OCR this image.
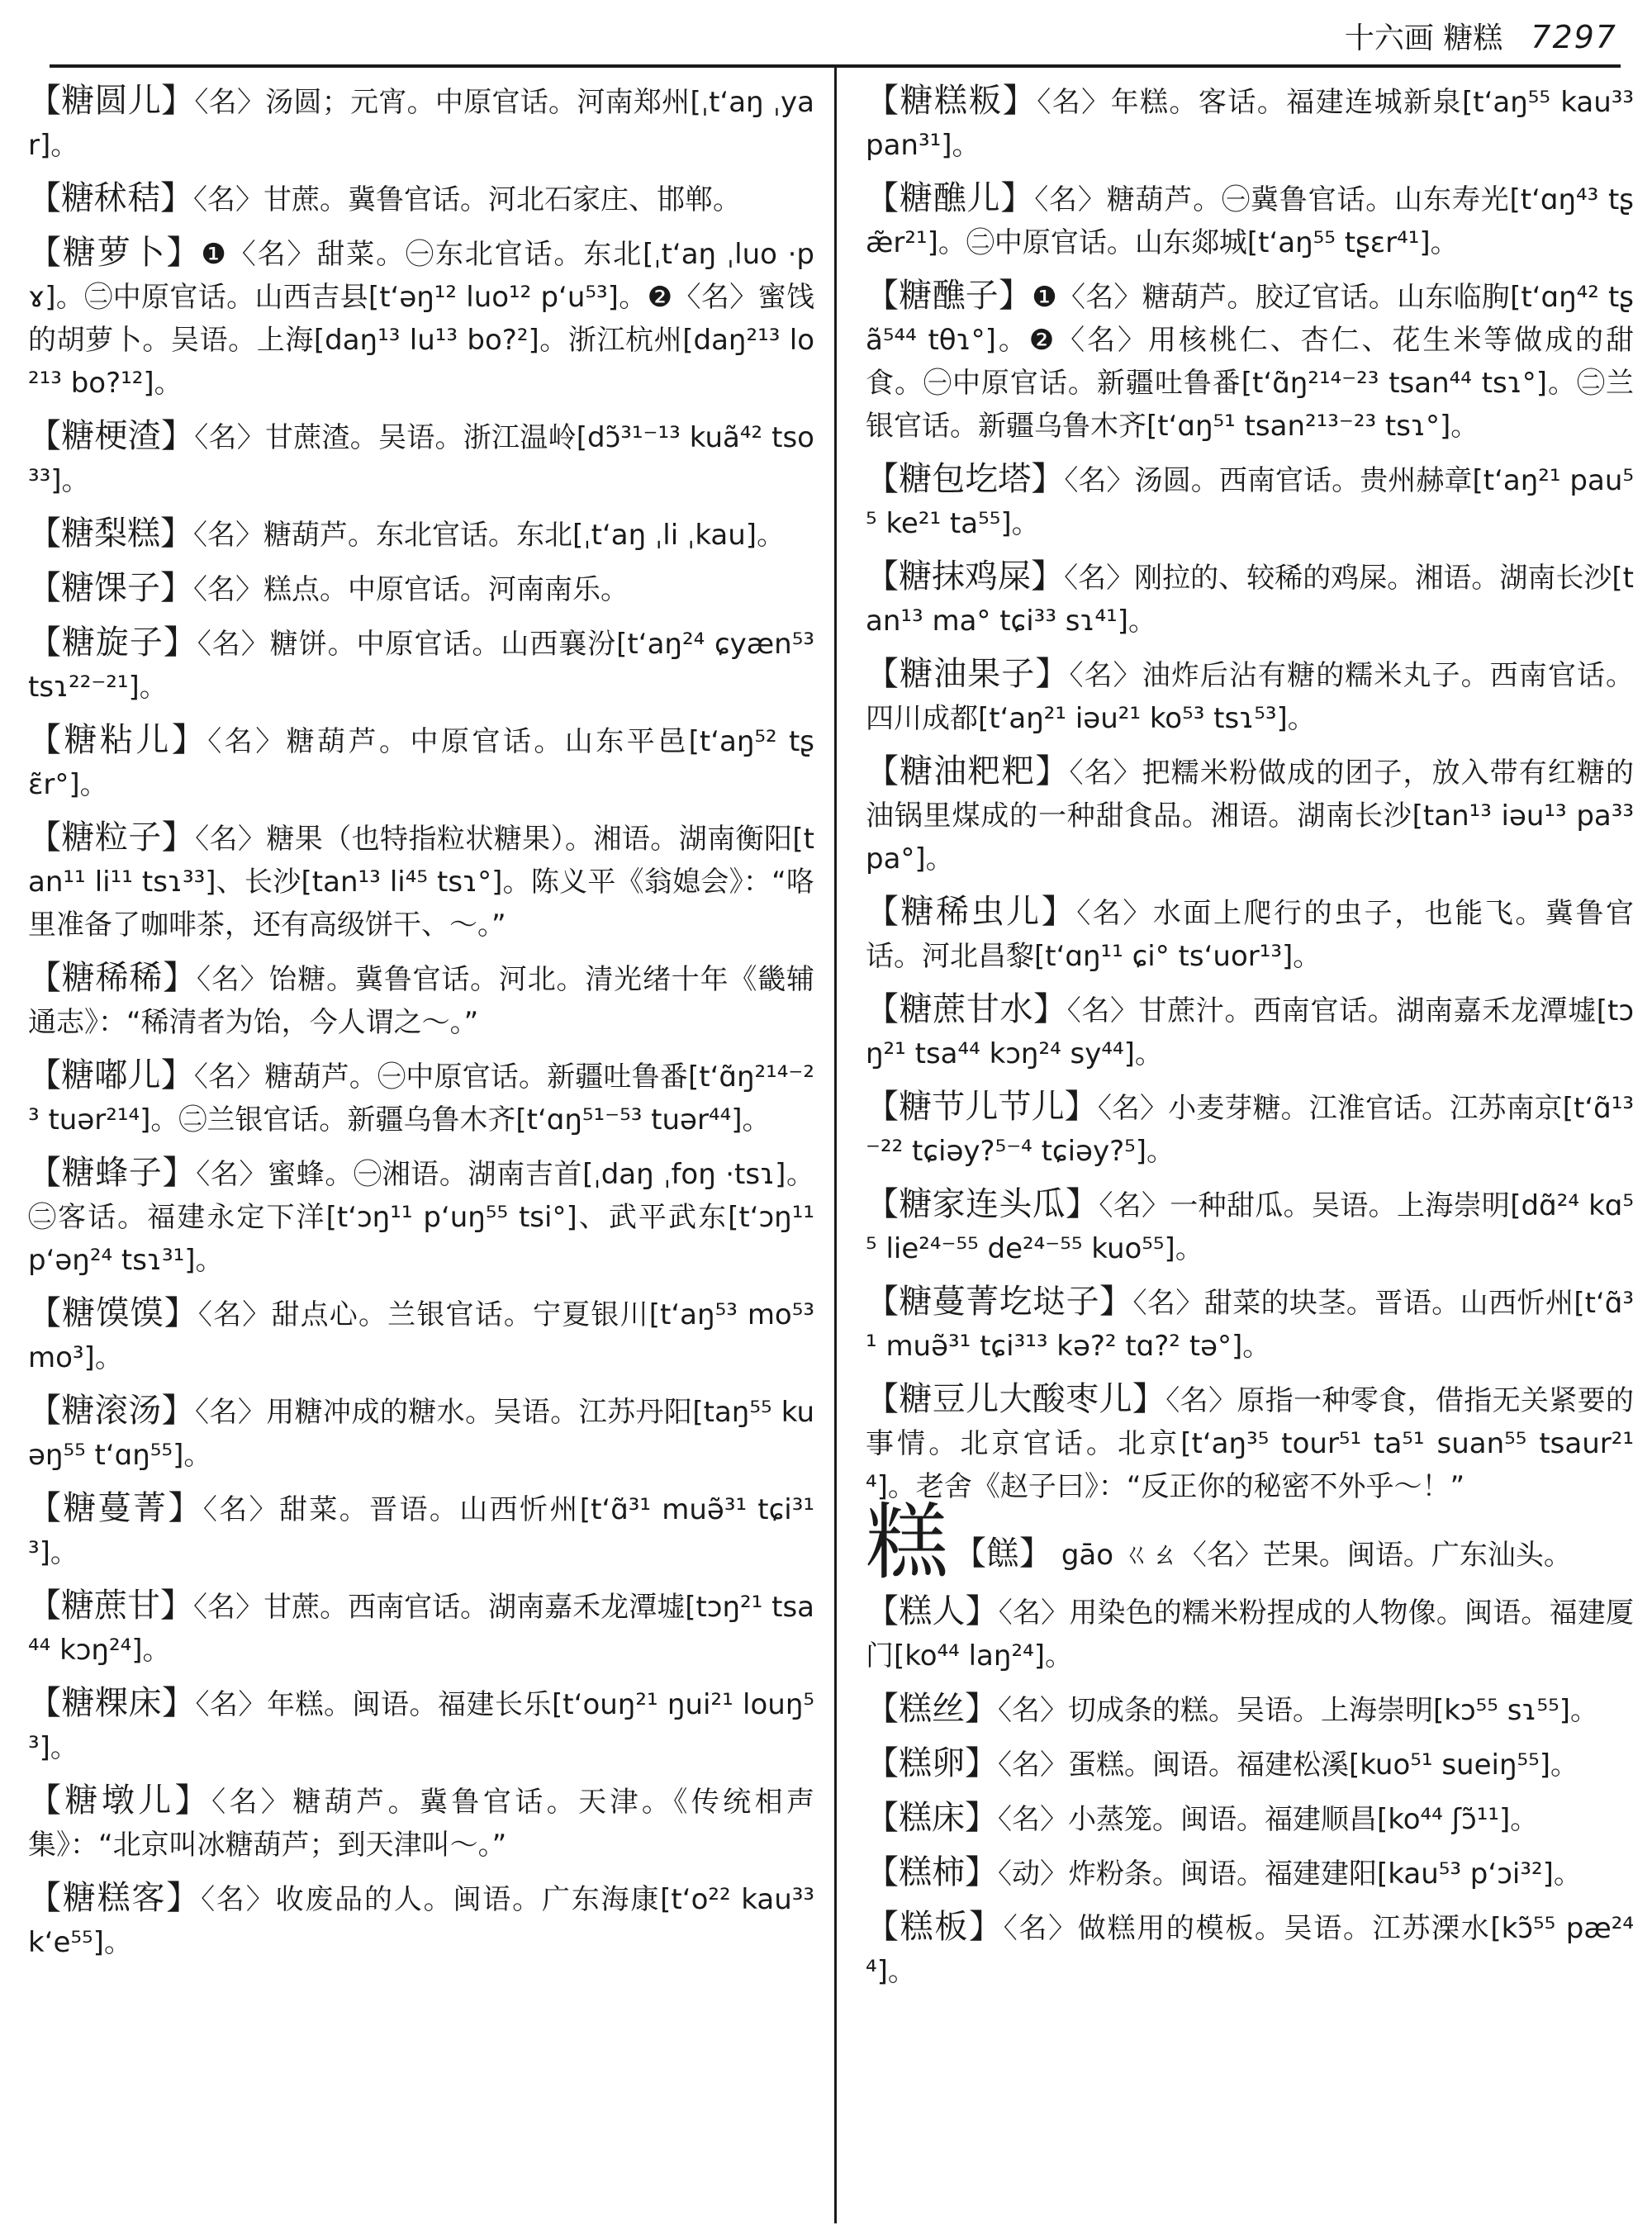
十六画 糖糕 7297
【糖圆儿】〈名〉汤圆；元宵。中原官话。河南郑州[ˌt‘aŋ ˌyar]。
【糖秫秸】〈名〉甘蔗。冀鲁官话。河北石家庄、邯郸。
【糖萝卜】❶〈名〉甜菜。㊀东北官话。东北[ˌt‘aŋ ˌluo ·pɤ]。㊁中原官话。山西吉县[t‘əŋ¹² luo¹² p‘u⁵³]。❷〈名〉蜜饯的胡萝卜。吴语。上海[daŋ¹³ lu¹³ bo?²]。浙江杭州[daŋ²¹³ lo²¹³ bo?¹²]。
【糖梗渣】〈名〉甘蔗渣。吴语。浙江温岭[dɔ̃³¹⁻¹³ kuã⁴² tso³³]。
【糖梨糕】〈名〉糖葫芦。东北官话。东北[ˌt‘aŋ ˌli ˌkau]。
【糖馃子】〈名〉糕点。中原官话。河南南乐。
【糖旋子】〈名〉糖饼。中原官话。山西襄汾[t‘aŋ²⁴ ɕyæn⁵³ tsɿ²²⁻²¹]。
【糖粘儿】〈名〉糖葫芦。中原官话。山东平邑[t‘aŋ⁵² tʂɛ̃r°]。
【糖粒子】〈名〉糖果（也特指粒状糖果）。湘语。湖南衡阳[tan¹¹ li¹¹ tsɿ³³]、长沙[tan¹³ li⁴⁵ tsɿ°]。陈义平《翁媳会》：“咯里准备了咖啡茶，还有高级饼干、～。”
【糖稀稀】〈名〉饴糖。冀鲁官话。河北。清光绪十年《畿辅通志》：“稀清者为饴，今人谓之～。”
【糖嘟儿】〈名〉糖葫芦。㊀中原官话。新疆吐鲁番[t‘ɑ̃ŋ²¹⁴⁻²³ tuər²¹⁴]。㊁兰银官话。新疆乌鲁木齐[t‘ɑŋ⁵¹⁻⁵³ tuər⁴⁴]。
【糖蜂子】〈名〉蜜蜂。㊀湘语。湖南吉首[ˌdaŋ ˌfoŋ ·tsɿ]。㊁客话。福建永定下洋[t‘ɔŋ¹¹ p‘uŋ⁵⁵ tsi°]、武平武东[t‘ɔŋ¹¹ p‘əŋ²⁴ tsɿ³¹]。
【糖馍馍】〈名〉甜点心。兰银官话。宁夏银川[t‘aŋ⁵³ mo⁵³ mo³]。
【糖滚汤】〈名〉用糖冲成的糖水。吴语。江苏丹阳[taŋ⁵⁵ kuəŋ⁵⁵ t‘ɑŋ⁵⁵]。
【糖蔓菁】〈名〉甜菜。晋语。山西忻州[t‘ɑ̃³¹ muə̃³¹ tɕi³¹³]。
【糖蔗甘】〈名〉甘蔗。西南官话。湖南嘉禾龙潭墟[tɔŋ²¹ tsa⁴⁴ kɔŋ²⁴]。
【糖粿床】〈名〉年糕。闽语。福建长乐[t‘ouŋ²¹ ŋui²¹ louŋ⁵³]。
【糖墩儿】〈名〉糖葫芦。冀鲁官话。天津。《传统相声集》：“北京叫冰糖葫芦；到天津叫～。”
【糖糕客】〈名〉收废品的人。闽语。广东海康[t‘o²² kau³³ k‘e⁵⁵]。
【糖糕粄】〈名〉年糕。客话。福建连城新泉[t‘aŋ⁵⁵ kau³³ pan³¹]。
【糖醮儿】〈名〉糖葫芦。㊀冀鲁官话。山东寿光[t‘ɑŋ⁴³ tʂæ̃r²¹]。㊁中原官话。山东郯城[t‘aŋ⁵⁵ tʂɛr⁴¹]。
【糖醮子】❶〈名〉糖葫芦。胶辽官话。山东临朐[t‘ɑŋ⁴² tʂã⁵⁴⁴ tθɿ°]。❷〈名〉用核桃仁、杏仁、花生米等做成的甜食。㊀中原官话。新疆吐鲁番[t‘ɑ̃ŋ²¹⁴⁻²³ tsan⁴⁴ tsɿ°]。㊁兰银官话。新疆乌鲁木齐[t‘ɑŋ⁵¹ tsan²¹³⁻²³ tsɿ°]。
【糖包圪塔】〈名〉汤圆。西南官话。贵州赫章[t‘aŋ²¹ pau⁵⁵ ke²¹ ta⁵⁵]。
【糖抹鸡屎】〈名〉刚拉的、较稀的鸡屎。湘语。湖南长沙[tan¹³ ma° tɕi³³ sɿ⁴¹]。
【糖油果子】〈名〉油炸后沾有糖的糯米丸子。西南官话。四川成都[t‘aŋ²¹ iəu²¹ ko⁵³ tsɿ⁵³]。
【糖油粑粑】〈名〉把糯米粉做成的团子，放入带有红糖的油锅里煤成的一种甜食品。湘语。湖南长沙[tan¹³ iəu¹³ pa³³ pa°]。
【糖稀虫儿】〈名〉水面上爬行的虫子，也能飞。冀鲁官话。河北昌黎[t‘ɑŋ¹¹ ɕi° ts‘uor¹³]。
【糖蔗甘水】〈名〉甘蔗汁。西南官话。湖南嘉禾龙潭墟[tɔŋ²¹ tsa⁴⁴ kɔŋ²⁴ sy⁴⁴]。
【糖节儿节儿】〈名〉小麦芽糖。江淮官话。江苏南京[t‘ɑ̃¹³⁻²² tɕiəy?⁵⁻⁴ tɕiəy?⁵]。
【糖家连头瓜】〈名〉一种甜瓜。吴语。上海崇明[dɑ̃²⁴ kɑ⁵⁵ lie²⁴⁻⁵⁵ de²⁴⁻⁵⁵ kuo⁵⁵]。
【糖蔓菁圪垯子】〈名〉甜菜的块茎。晋语。山西忻州[t‘ɑ̃³¹ muə̃³¹ tɕi³¹³ kə?² tɑ?² tə°]。
【糖豆儿大酸枣儿】〈名〉原指一种零食，借指无关紧要的事情。北京官话。北京[t‘aŋ³⁵ tour⁵¹ ta⁵¹ suan⁵⁵ tsaur²¹⁴]。老舍《赵子曰》：“反正你的秘密不外乎～！”
糕 【餻】 gāo ㄍㄠ〈名〉芒果。闽语。广东汕头。
【糕人】〈名〉用染色的糯米粉捏成的人物像。闽语。福建厦门[ko⁴⁴ laŋ²⁴]。
【糕丝】〈名〉切成条的糕。吴语。上海崇明[kɔ⁵⁵ sɿ⁵⁵]。
【糕卵】〈名〉蛋糕。闽语。福建松溪[kuo⁵¹ sueiŋ⁵⁵]。
【糕床】〈名〉小蒸笼。闽语。福建顺昌[ko⁴⁴ ʃɔ̃¹¹]。
【糕柿】〈动〉炸粉条。闽语。福建建阳[kau⁵³ p‘ɔi³²]。
【糕板】〈名〉做糕用的模板。吴语。江苏溧水[kɔ̃⁵⁵ pæ²⁴⁴]。
